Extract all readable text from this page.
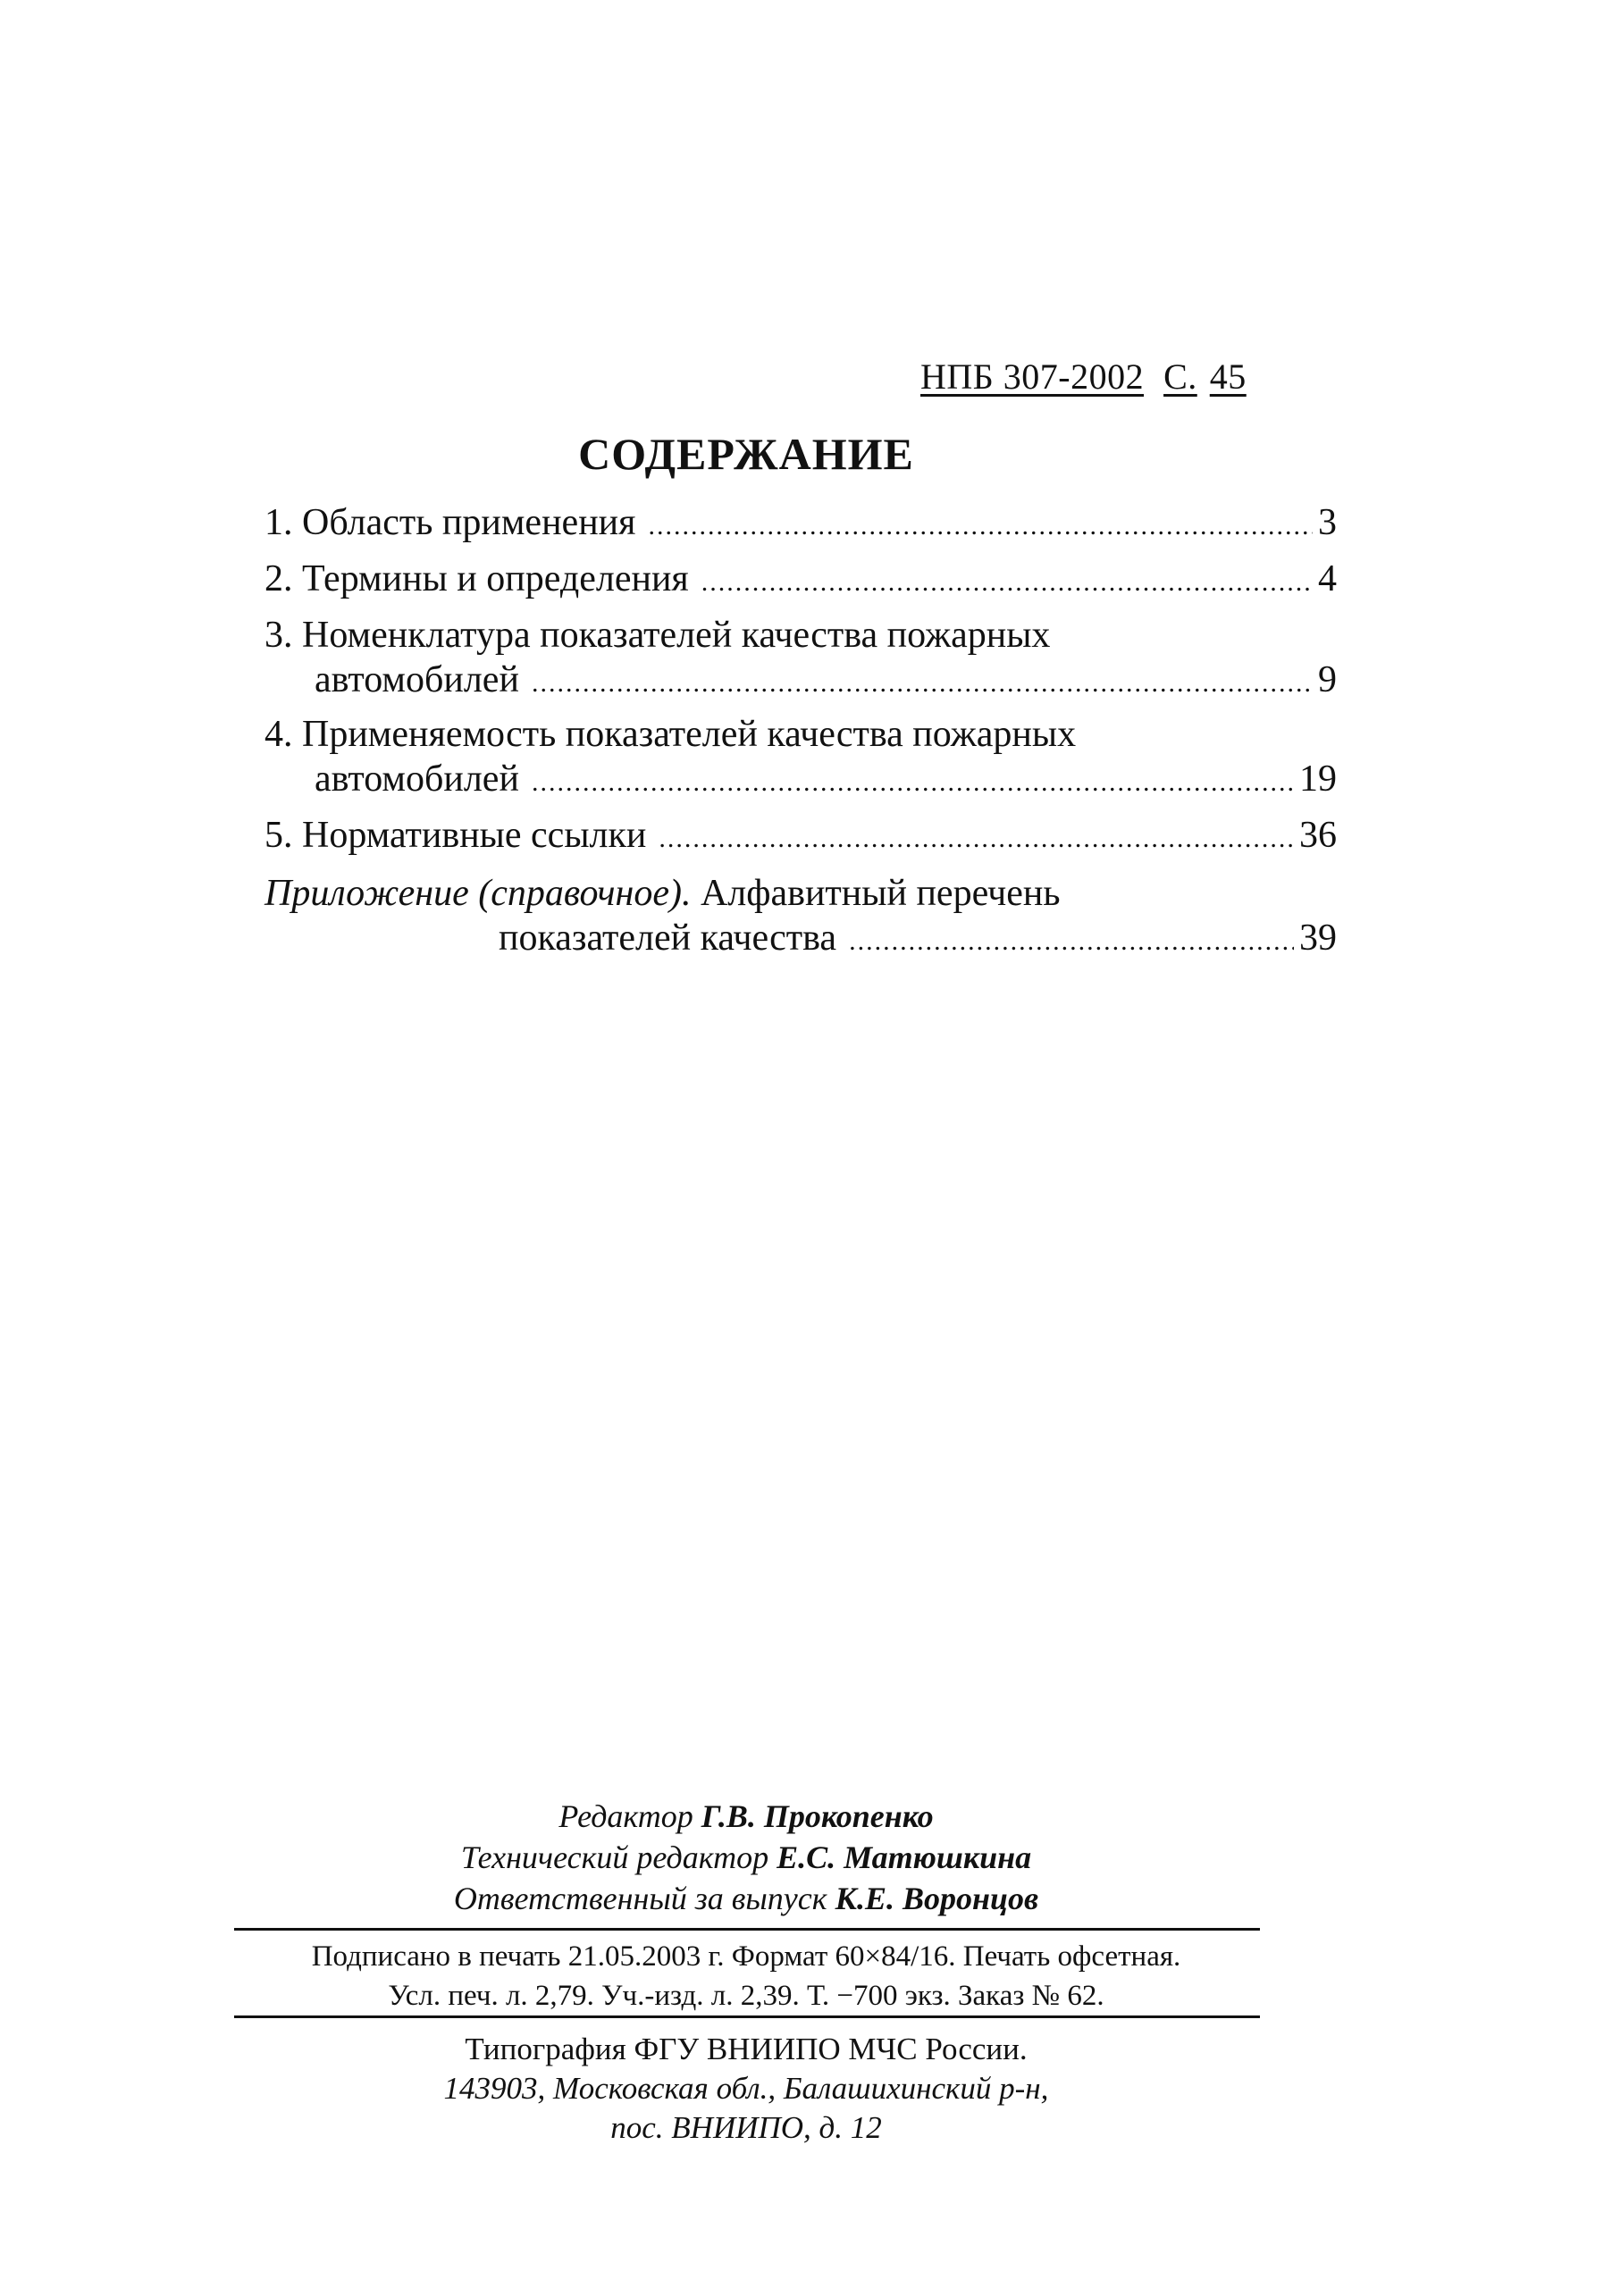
НПБ 307-2002 С. 45
СОДЕРЖАНИЕ
1. Область применения .....	3
2. Термины и определения .....	4
3. Номенклатура показателей качества пожарных
автомобилей .....	9
4. Применяемость показателей качества пожарных
автомобилей .....	19
5. Нормативные ссылки .....	36
Приложение (справочное). Алфавитный перечень
показателей качества .....	39
Редактор Г.В. Прокопенко
Технический редактор Е.С. Матюшкина
Ответственный за выпуск К.Е. Воронцов
Подписано в печать 21.05.2003 г. Формат 60×84/16. Печать офсетная.
Усл. печ. л. 2,79. Уч.-изд. л. 2,39. Т. −700 экз. Заказ № 62.
Типография ФГУ ВНИИПО МЧС России.
143903, Московская обл., Балашихинский р-н,
пос. ВНИИПО, д. 12
